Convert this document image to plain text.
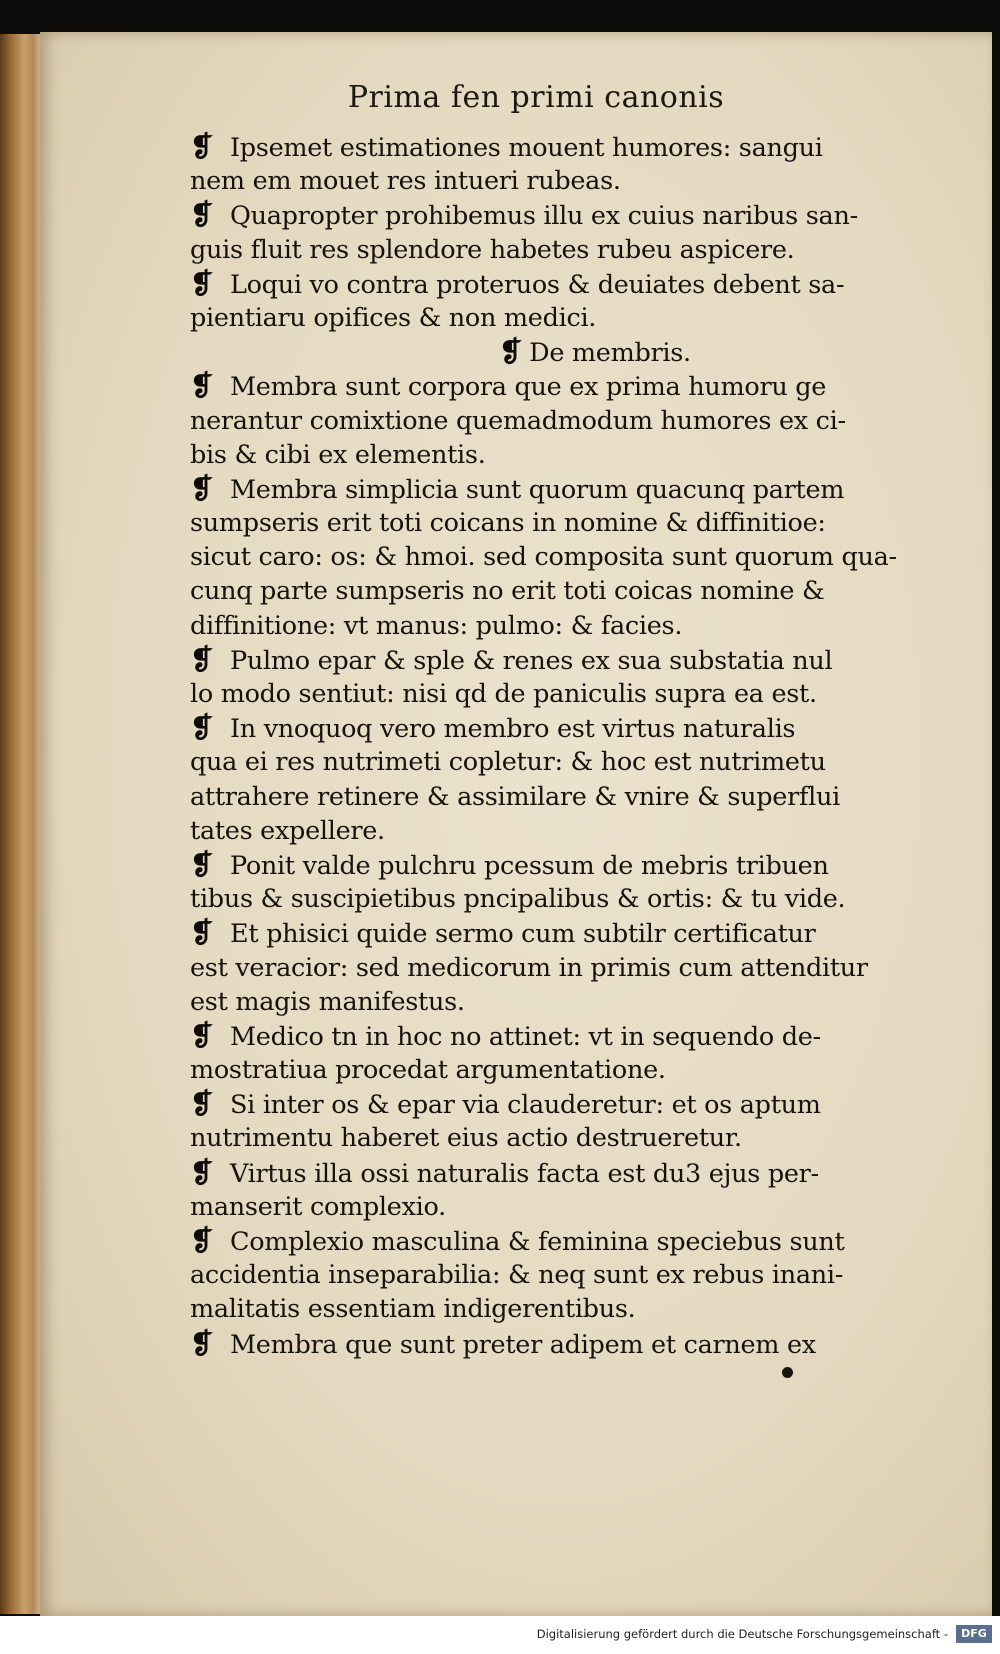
Prima fen primi canonis
❡Ipsemet estimationes mouent humores: sangui
nem em mouet res intueri rubeas.
❡Quapropter prohibemus illu ex cuius naribus san-
guis fluit res splendore habetes rubeu aspicere.
❡Loqui vo contra proteruos & deuiates debent sa-
pientiaru opifices & non medici.
❡De membris.
❡Membra sunt corpora que ex prima humoru ge
nerantur comixtione quemadmodum humores ex ci-
bis & cibi ex elementis.
❡Membra simplicia sunt quorum quacunq partem
sumpseris erit toti coicans in nomine & diffinitioe:
sicut caro: os: & hmoi. sed composita sunt quorum qua-
cunq parte sumpseris no erit toti coicas nomine &
diffinitione: vt manus: pulmo: & facies.
❡Pulmo epar & sple & renes ex sua substatia nul
lo modo sentiut: nisi qd de paniculis supra ea est.
❡In vnoquoq vero membro est virtus naturalis
qua ei res nutrimeti copletur: & hoc est nutrimetu
attrahere retinere & assimilare & vnire & superflui
tates expellere.
❡Ponit valde pulchru pcessum de mebris tribuen
tibus & suscipietibus pncipalibus & ortis: & tu vide.
❡Et phisici quide sermo cum subtilr certificatur
est veracior: sed medicorum in primis cum attenditur
est magis manifestus.
❡Medico tn in hoc no attinet: vt in sequendo de-
mostratiua procedat argumentatione.
❡Si inter os & epar via clauderetur: et os aptum
nutrimentu haberet eius actio destrueretur.
❡Virtus illa ossi naturalis facta est du3 ejus per-
manserit complexio.
❡Complexio masculina & feminina speciebus sunt
accidentia inseparabilia: & neq sunt ex rebus inani-
malitatis essentiam indigerentibus.
❡Membra que sunt preter adipem et carnem ex
Digitalisierung gefördert durch die Deutsche Forschungsgemeinschaft -	DFG
